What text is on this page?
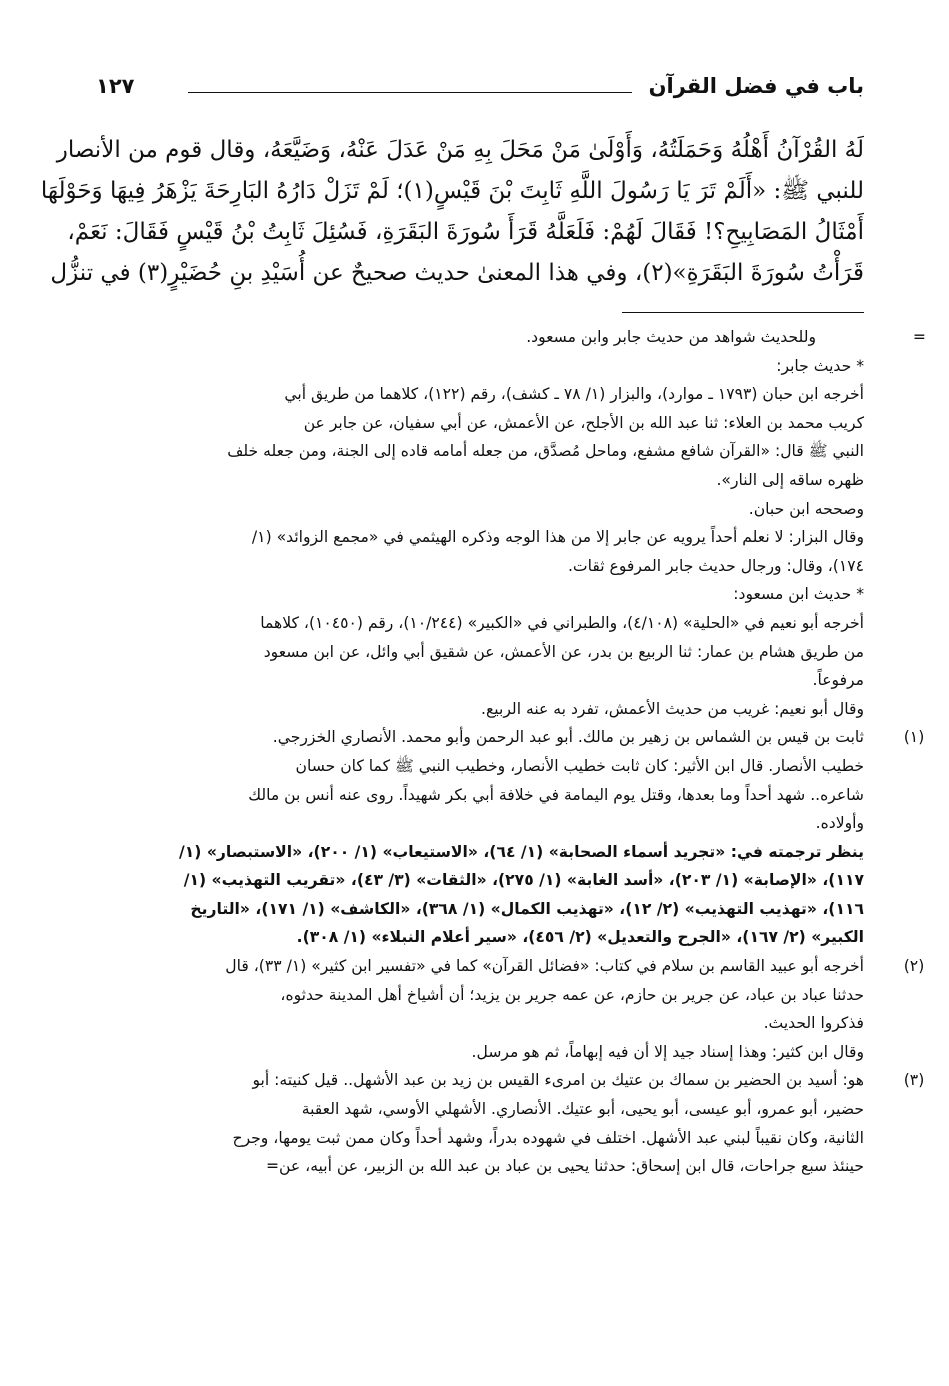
باب في فضل القرآن
١٢٧
لَهُ القُرْآنُ أَهْلُهُ وَحَمَلَتُهُ، وَأَوْلَىٰ مَنْ مَحَلَ بِهِ مَنْ عَدَلَ عَنْهُ، وَضَيَّعَهُ، وقال قوم من الأنصار
للنبي ﷺ: «أَلَمْ تَرَ يَا رَسُولَ اللَّهِ ثَابِتَ بْنَ قَيْسٍ(١)؛ لَمْ تَزَلْ دَارُهُ البَارِحَةَ يَزْهَرُ فِيهَا وَحَوْلَهَا
أَمْثَالُ المَصَابِيحِ؟! فَقَالَ لَهُمْ: فَلَعَلَّهُ قَرَأَ سُورَةَ البَقَرَةِ، فَسُئِلَ ثَابِتُ بْنُ قَيْسٍ فَقَالَ: نَعَمْ،
قَرَأْتُ سُورَةَ البَقَرَةِ»(٢)، وفي هذا المعنىٰ حديث صحيحٌ عن أُسَيْدِ بنِ حُضَيْرٍ(٣) في تنزُّل
=
وللحديث شواهد من حديث جابر وابن مسعود.
* حديث جابر:
أخرجه ابن حبان (١٧٩٣ ـ موارد)، والبزار (١/ ٧٨ ـ كشف)، رقم (١٢٢)، كلاهما من طريق أبي
كريب محمد بن العلاء: ثنا عبد الله بن الأجلح، عن الأعمش، عن أبي سفيان، عن جابر عن
النبي ﷺ قال: «القرآن شافع مشفع، وماحل مُصدَّق، من جعله أمامه قاده إلى الجنة، ومن جعله خلف
ظهره ساقه إلى النار».
وصححه ابن حبان.
وقال البزار: لا نعلم أحداً يرويه عن جابر إلا من هذا الوجه وذكره الهيثمي في «مجمع الزوائد» (١/
١٧٤)، وقال: ورجال حديث جابر المرفوع ثقات.
* حديث ابن مسعود:
أخرجه أبو نعيم في «الحلية» (٤/١٠٨)، والطبراني في «الكبير» (١٠/٢٤٤)، رقم (١٠٤٥٠)، كلاهما
من طريق هشام بن عمار: ثنا الربيع بن بدر، عن الأعمش، عن شقيق أبي وائل، عن ابن مسعود
مرفوعاً.
وقال أبو نعيم: غريب من حديث الأعمش، تفرد به عنه الربيع.
(١)
ثابت بن قيس بن الشماس بن زهير بن مالك. أبو عبد الرحمن وأبو محمد. الأنصاري الخزرجي.
خطيب الأنصار. قال ابن الأثير: كان ثابت خطيب الأنصار، وخطيب النبي ﷺ كما كان حسان
شاعره.. شهد أحداً وما بعدها، وقتل يوم اليمامة في خلافة أبي بكر شهيداً. روى عنه أنس بن مالك
وأولاده.
ينظر ترجمته في: «تجريد أسماء الصحابة» (١/ ٦٤)، «الاستيعاب» (١/ ٢٠٠)، «الاستبصار» (١/
١١٧)، «الإصابة» (١/ ٢٠٣)، «أسد الغابة» (١/ ٢٧٥)، «الثقات» (٣/ ٤٣)، «تقريب التهذيب» (١/
١١٦)، «تهذيب التهذيب» (٢/ ١٢)، «تهذيب الكمال» (١/ ٣٦٨)، «الكاشف» (١/ ١٧١)، «التاريخ
الكبير» (٢/ ١٦٧)، «الجرح والتعديل» (٢/ ٤٥٦)، «سير أعلام النبلاء» (١/ ٣٠٨).
(٢)
أخرجه أبو عبيد القاسم بن سلام في كتاب: «فضائل القرآن» كما في «تفسير ابن كثير» (١/ ٣٣)، قال
حدثنا عباد بن عباد، عن جرير بن حازم، عن عمه جرير بن يزيد؛ أن أشياخ أهل المدينة حدثوه،
فذكروا الحديث.
وقال ابن كثير: وهذا إسناد جيد إلا أن فيه إبهاماً، ثم هو مرسل.
(٣)
هو: أسيد بن الحضير بن سماك بن عتيك بن امرىء القيس بن زيد بن عبد الأشهل.. قيل كنيته: أبو
حضير، أبو عمرو، أبو عيسى، أبو يحيى، أبو عتيك. الأنصاري. الأشهلي الأوسي، شهد العقبة
الثانية، وكان نقيباً لبني عبد الأشهل. اختلف في شهوده بدراً، وشهد أحداً وكان ممن ثبت يومها، وجرح
حينئذ سبع جراحات، قال ابن إسحاق: حدثنا يحيى بن عباد بن عبد الله بن الزبير، عن أبيه، عن=
